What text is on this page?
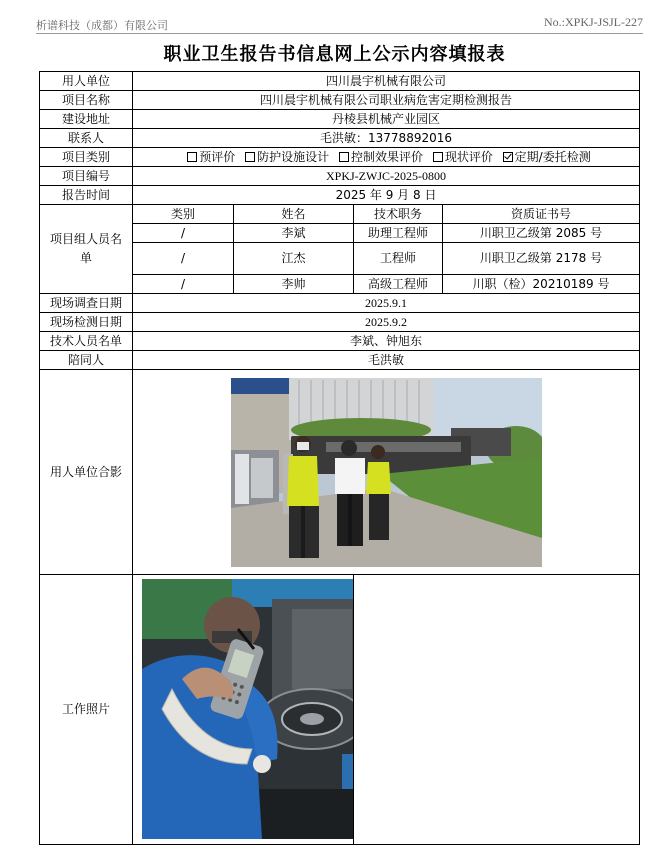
析谱科技（成都）有限公司	No.:XPKJ-JSJL-227
职业卫生报告书信息网上公示内容填报表
用人单位	四川晨宇机械有限公司			
项目名称	四川晨宇机械有限公司职业病危害定期检测报告			
建设地址	丹棱县机械产业园区			
联系人	毛洪敏：13778892016			
项目类别	预评价 防护设施设计 控制效果评价 现状评价 定期/委托检测			
项目编号	XPKJ-ZWJC-2025-0800			
报告时间	2025 年 9 月 8 日			
项目组人员名单	类别	姓名	技术职务	资质证书号
	/	李斌	助理工程师	川职卫乙级第 2085 号
	/	江杰	工程师	川职卫乙级第 2178 号
	/	李帅	高级工程师	川职（检）20210189 号
现场调查日期	2025.9.1			
现场检测日期	2025.9.2			
技术人员名单	李斌、钟旭东			
陪同人	毛洪敏			
用人单位合影	

工作照片	
